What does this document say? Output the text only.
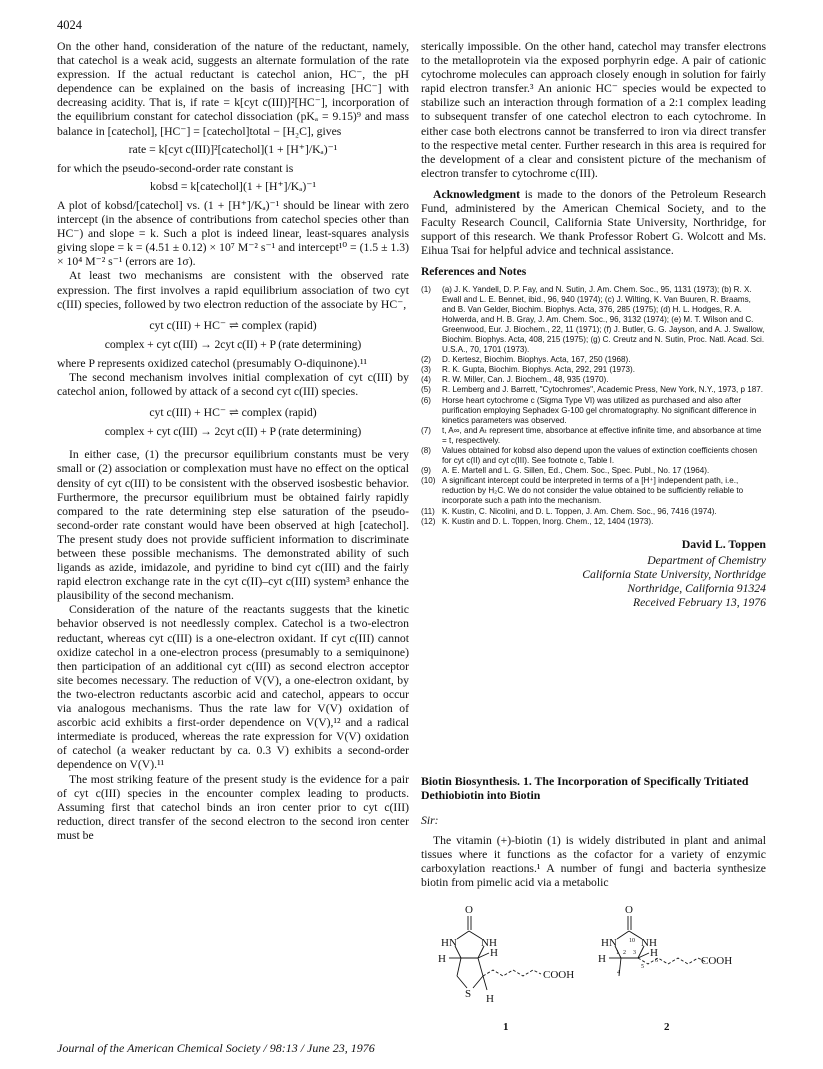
4024

On the other hand, consideration of the nature of the reductant, namely, that catechol is a weak acid, suggests an alternate formulation of the rate expression. If the actual reductant is catechol anion, HC⁻, the pH dependence can be explained on the basis of increasing [HC⁻] with decreasing acidity. That is, if rate = k[cyt c(III)]²[HC⁻], incorporation of the equilibrium constant for catechol dissociation (pKₐ = 9.15)⁹ and mass balance in [catechol], [HC⁻] = [catechol]total − [H₂C], gives

rate = k[cyt c(III)]²[catechol](1 + [H⁺]/Kₐ)⁻¹

for which the pseudo-second-order rate constant is

kobsd = k[catechol](1 + [H⁺]/Kₐ)⁻¹

A plot of kobsd/[catechol] vs. (1 + [H⁺]/Kₐ)⁻¹ should be linear with zero intercept (in the absence of contributions from catechol species other than HC⁻) and slope = k. Such a plot is indeed linear, least-squares analysis giving slope = k = (4.51 ± 0.12) × 10⁷ M⁻² s⁻¹ and intercept¹⁰ = (1.5 ± 1.3) × 10⁴ M⁻² s⁻¹ (errors are 1σ).

At least two mechanisms are consistent with the observed rate expression. The first involves a rapid equilibrium association of two cyt c(III) species, followed by two electron reduction of the associate by HC⁻,

cyt c(III) + HC⁻ ⇌ complex (rapid)
complex + cyt c(III) → 2cyt c(II) + P (rate determining)

where P represents oxidized catechol (presumably O-diquinone).¹¹

The second mechanism involves initial complexation of cyt c(III) by catechol anion, followed by attack of a second cyt c(III) species.

cyt c(III) + HC⁻ ⇌ complex (rapid)
complex + cyt c(III) → 2cyt c(II) + P (rate determining)

In either case, (1) the precursor equilibrium constants must be very small or (2) association or complexation must have no effect on the optical density of cyt c(III) to be consistent with the observed isosbestic behavior. Furthermore, the precursor equilibrium must be obtained fairly rapidly compared to the rate determining step else saturation of the pseudo-second-order rate constant would have been observed at high [catechol]. The present study does not provide sufficient information to discriminate between these possible mechanisms. The demonstrated ability of such ligands as azide, imidazole, and pyridine to bind cyt c(III) and the fairly rapid electron exchange rate in the cyt c(II)–cyt c(III) system³ enhance the plausibility of the second mechanism.

Consideration of the nature of the reactants suggests that the kinetic behavior observed is not needlessly complex. Catechol is a two-electron reductant, whereas cyt c(III) is a one-electron oxidant. If cyt c(III) cannot oxidize catechol in a one-electron process (presumably to a semiquinone) then participation of an additional cyt c(III) as second electron acceptor site becomes necessary. The reduction of V(V), a one-electron oxidant, by the two-electron reductants ascorbic acid and catechol, appears to occur via analogous mechanisms. Thus the rate law for V(V) oxidation of ascorbic acid exhibits a first-order dependence on V(V),¹² and a radical intermediate is produced, whereas the rate expression for V(V) oxidation of catechol (a weaker reductant by ca. 0.3 V) exhibits a second-order dependence on V(V).¹¹

The most striking feature of the present study is the evidence for a pair of cyt c(III) species in the encounter complex leading to products. Assuming first that catechol binds an iron center prior to cyt c(III) reduction, direct transfer of the second electron to the second iron center must be

sterically impossible. On the other hand, catechol may transfer electrons to the metalloprotein via the exposed porphyrin edge. A pair of cationic cytochrome molecules can approach closely enough in solution for fairly rapid electron transfer.³ An anionic HC⁻ species would be expected to stabilize such an interaction through formation of a 2:1 complex leading to subsequent transfer of one catechol electron to each cytochrome. In either case both electrons cannot be transferred to iron via direct transfer to the respective metal center. Further research in this area is required for the development of a clear and consistent picture of the mechanism of electron transfer to cytochrome c(III).

Acknowledgment is made to the donors of the Petroleum Research Fund, administered by the American Chemical Society, and to the Faculty Research Council, California State University, Northridge, for support of this research. We thank Professor Robert G. Wolcott and Ms. Eihua Tsai for helpful advice and technical assistance.

References and Notes
(1)	(a) J. K. Yandell, D. P. Fay, and N. Sutin, J. Am. Chem. Soc., 95, 1131 (1973); (b) R. X. Ewall and L. E. Bennet, ibid., 96, 940 (1974); (c) J. Wilting, K. Van Buuren, R. Braams, and B. Van Gelder, Biochim. Biophys. Acta, 376, 285 (1975); (d) H. L. Hodges, R. A. Holwerda, and H. B. Gray, J. Am. Chem. Soc., 96, 3132 (1974); (e) M. T. Wilson and C. Greenwood, Eur. J. Biochem., 22, 11 (1971); (f) J. Butler, G. G. Jayson, and A. J. Swallow, Biochim. Biophys. Acta, 408, 215 (1975); (g) C. Creutz and N. Sutin, Proc. Natl. Acad. Sci. U.S.A., 70, 1701 (1973).
(2)	D. Kertesz, Biochim. Biophys. Acta, 167, 250 (1968).
(3)	R. K. Gupta, Biochim. Biophys. Acta, 292, 291 (1973).
(4)	R. W. Miller, Can. J. Biochem., 48, 935 (1970).
(5)	R. Lemberg and J. Barrett, "Cytochromes", Academic Press, New York, N.Y., 1973, p 187.
(6)	Horse heart cytochrome c (Sigma Type VI) was utilized as purchased and also after purification employing Sephadex G-100 gel chromatography. No significant difference in kinetics parameters was observed.
(7)	t, A∞, and Aₜ represent time, absorbance at effective infinite time, and absorbance at time = t, respectively.
(8)	Values obtained for kobsd also depend upon the values of extinction coefficients chosen for cyt c(II) and cyt c(III). See footnote c, Table I.
(9)	A. E. Martell and L. G. Sillen, Ed., Chem. Soc., Spec. Publ., No. 17 (1964).
(10) A significant intercept could be interpreted in terms of a [H⁺] independent path, i.e., reduction by H₂C. We do not consider the value obtained to be sufficiently reliable to incorporate such a path into the mechanism.
(11) K. Kustin, C. Nicolini, and D. L. Toppen, J. Am. Chem. Soc., 96, 7416 (1974).
(12) K. Kustin and D. L. Toppen, Inorg. Chem., 12, 1404 (1973).
David L. Toppen
Department of Chemistry
California State University, Northridge
Northridge, California 91324
Received February 13, 1976
Biotin Biosynthesis. 1. The Incorporation of Specifically Tritiated Dethiobiotin into Biotin
Sir:

The vitamin (+)-biotin (1) is widely distributed in plant and animal tissues where it functions as the cofactor for a variety of enzymic carboxylation reactions.¹ A number of fungi and bacteria synthesize biotin from pimelic acid via a metabolic

O
HN NH
H	H
S H
COOH
1
O
HN NH
H	H
COOH
10
1 2 3
4
5
6
2
Journal of the American Chemical Society / 98:13 / June 23, 1976
